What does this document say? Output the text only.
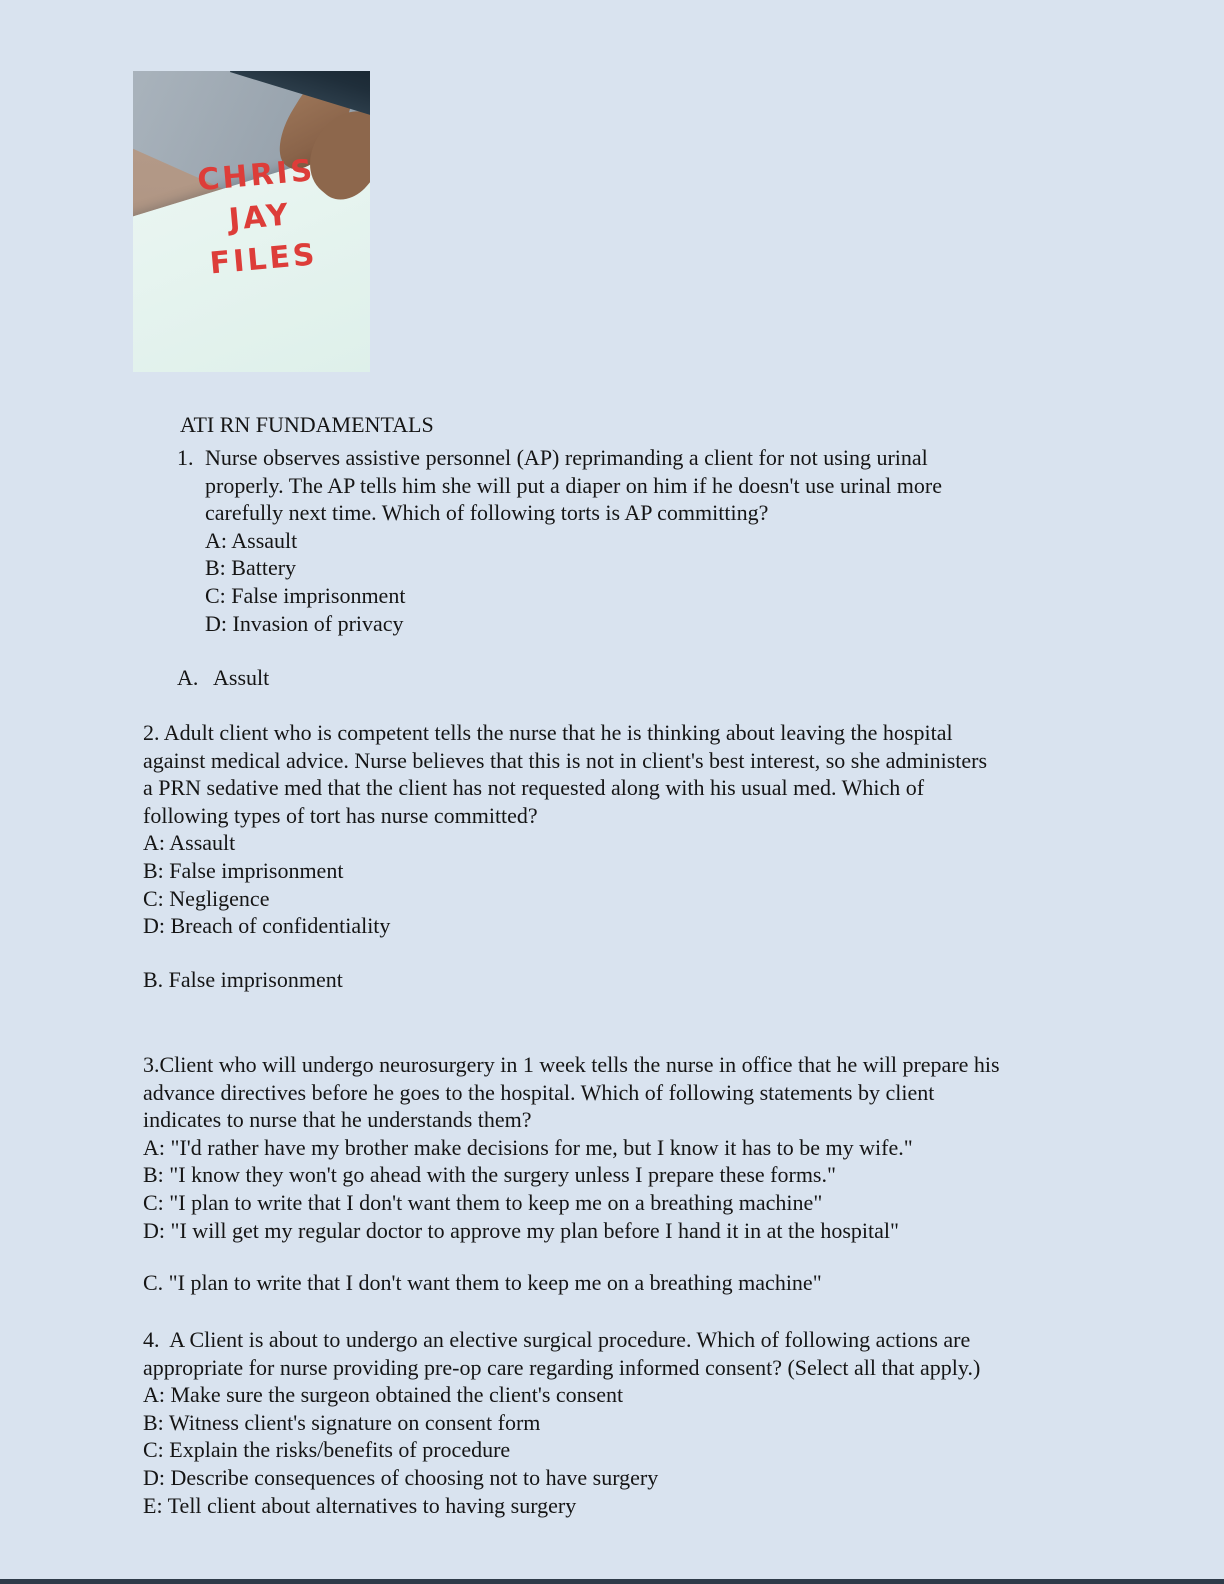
CHRIS
JAY
FILES
ATI RN FUNDAMENTALS
1. Nurse observes assistive personnel (AP) reprimanding a client for not using urinal
properly. The AP tells him she will put a diaper on him if he doesn't use urinal more
carefully next time. Which of following torts is AP committing?
A: Assault
B: Battery
C: False imprisonment
D: Invasion of privacy
A. Assult
2. Adult client who is competent tells the nurse that he is thinking about leaving the hospital
against medical advice. Nurse believes that this is not in client's best interest, so she administers
a PRN sedative med that the client has not requested along with his usual med. Which of
following types of tort has nurse committed?
A: Assault
B: False imprisonment
C: Negligence
D: Breach of confidentiality
B. False imprisonment
3.Client who will undergo neurosurgery in 1 week tells the nurse in office that he will prepare his
advance directives before he goes to the hospital. Which of following statements by client
indicates to nurse that he understands them?
A: "I'd rather have my brother make decisions for me, but I know it has to be my wife."
B: "I know they won't go ahead with the surgery unless I prepare these forms."
C: "I plan to write that I don't want them to keep me on a breathing machine"
D: "I will get my regular doctor to approve my plan before I hand it in at the hospital"
C. "I plan to write that I don't want them to keep me on a breathing machine"
4.  A Client is about to undergo an elective surgical procedure. Which of following actions are
appropriate for nurse providing pre-op care regarding informed consent? (Select all that apply.)
A: Make sure the surgeon obtained the client's consent
B: Witness client's signature on consent form
C: Explain the risks/benefits of procedure
D: Describe consequences of choosing not to have surgery
E: Tell client about alternatives to having surgery
